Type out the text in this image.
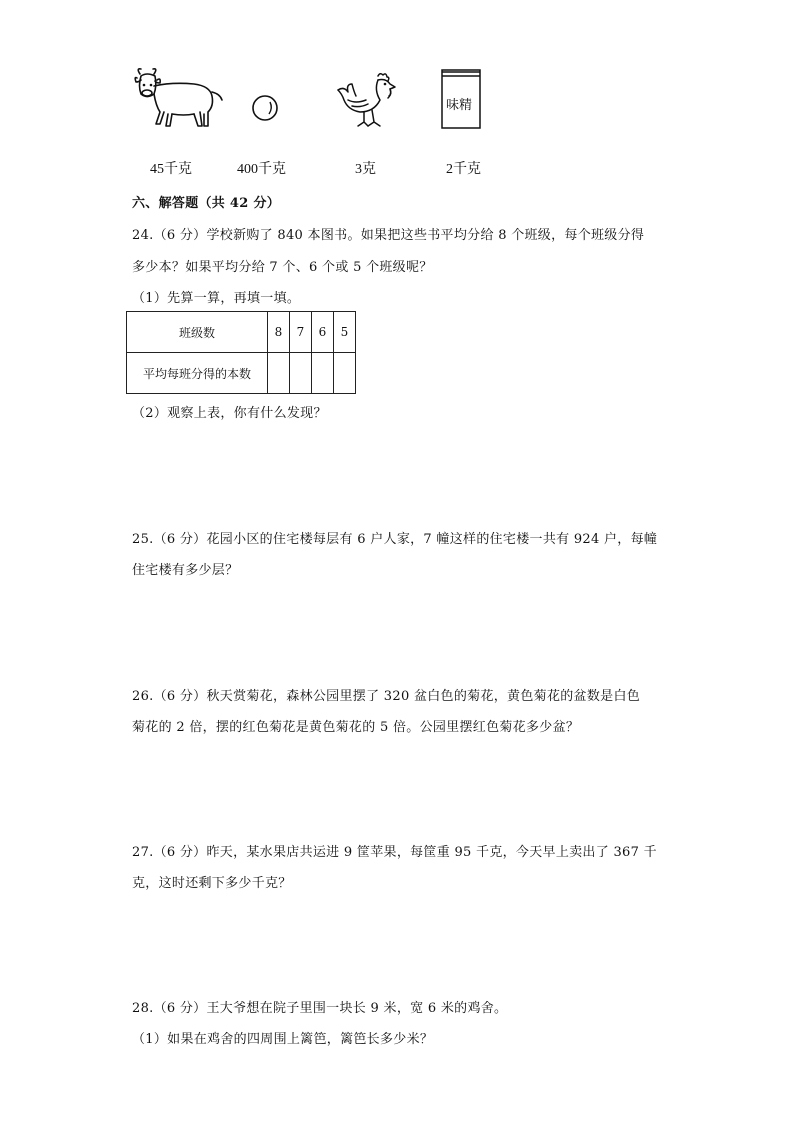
味精
45千克	400千克	3克	2千克
六、解答题（共 42 分）
24.（6 分）学校新购了 840 本图书。如果把这些书平均分给 8 个班级，每个班级分得
多少本？如果平均分给 7 个、6 个或 5 个班级呢？
（1）先算一算，再填一填。
班级数	8	7	6	5
平均每班分得的本数				
（2）观察上表，你有什么发现？
25.（6 分）花园小区的住宅楼每层有 6 户人家，7 幢这样的住宅楼一共有 924 户，每幢
住宅楼有多少层？
26.（6 分）秋天赏菊花，森林公园里摆了 320 盆白色的菊花，黄色菊花的盆数是白色
菊花的 2 倍，摆的红色菊花是黄色菊花的 5 倍。公园里摆红色菊花多少盆？
27.（6 分）昨天，某水果店共运进 9 筐苹果，每筐重 95 千克，今天早上卖出了 367 千
克，这时还剩下多少千克？
28.（6 分）王大爷想在院子里围一块长 9 米，宽 6 米的鸡舍。
（1）如果在鸡舍的四周围上篱笆，篱笆长多少米？
